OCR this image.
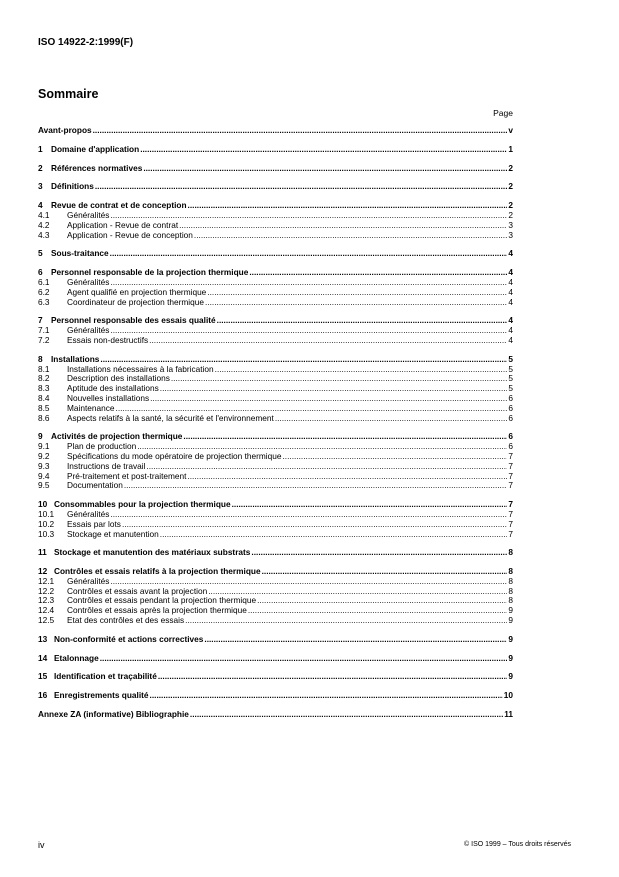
ISO 14922-2:1999(F)
Sommaire
Page
Avant-propos .....	v
1	Domaine d'application .....	1
2	Références normatives .....	2
3	Définitions .....	2
4	Revue de contrat et de conception .....	2
4.1	Généralités .....	2
4.2	Application - Revue de contrat .....	3
4.3	Application - Revue de conception .....	3
5	Sous-traitance .....	4
6	Personnel responsable de la projection thermique .....	4
6.1	Généralités .....	4
6.2	Agent qualifié en projection thermique .....	4
6.3	Coordinateur de projection thermique .....	4
7	Personnel responsable des essais qualité .....	4
7.1	Généralités .....	4
7.2	Essais non-destructifs .....	4
8	Installations .....	5
8.1	Installations nécessaires à la fabrication .....	5
8.2	Description des installations .....	5
8.3	Aptitude des installations .....	5
8.4	Nouvelles installations .....	6
8.5	Maintenance .....	6
8.6	Aspects relatifs à la santé, la sécurité et l'environnement .....	6
9	Activités de projection thermique .....	6
9.1	Plan de production .....	6
9.2	Spécifications du mode opératoire de projection thermique .....	7
9.3	Instructions de travail .....	7
9.4	Pré-traitement et post-traitement .....	7
9.5	Documentation .....	7
10 Consommables pour la projection thermique .....	7
10.1	Généralités .....	7
10.2	Essais par lots .....	7
10.3	Stockage et manutention .....	7
11 Stockage et manutention des matériaux substrats .....	8
12 Contrôles et essais relatifs à la projection thermique .....	8
12.1	Généralités .....	8
12.2	Contrôles et essais avant la projection .....	8
12.3	Contrôles et essais pendant la projection thermique .....	8
12.4	Contrôles et essais après la projection thermique .....	9
12.5	Etat des contrôles et des essais .....	9
13 Non-conformité et actions correctives .....	9
14 Etalonnage .....	9
15 Identification et traçabilité .....	9
16 Enregistrements qualité .....	10
Annexe ZA (informative) Bibliographie .....	11
iv	© ISO 1999 – Tous droits réservés
